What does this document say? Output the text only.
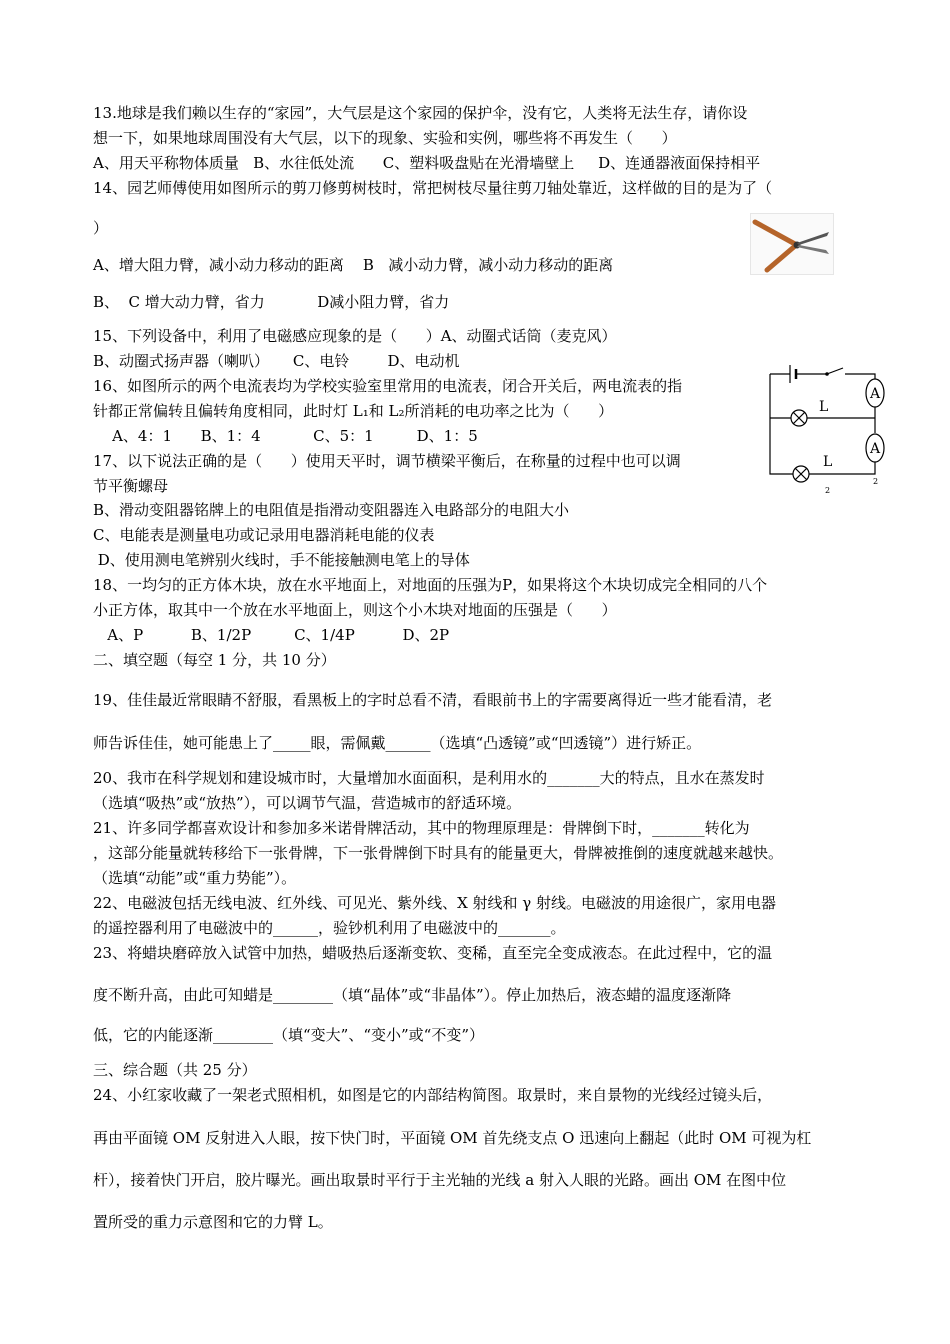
13.地球是我们赖以生存的“家园”，大气层是这个家园的保护伞，没有它，人类将无法生存，请你设
想一下，如果地球周围没有大气层，以下的现象、实验和实例，哪些将不再发生（      ）
A、用天平称物体质量   B、水往低处流      C、塑料吸盘贴在光滑墙壁上     D、连通器液面保持相平
14、园艺师傅使用如图所示的剪刀修剪树枝时，常把树枝尽量往剪刀轴处靠近，这样做的目的是为了（
）
A、增大阻力臂，减小动力移动的距离    B   减小动力臂，减小动力移动的距离
B、  C 增大动力臂，省力           D减小阻力臂，省力
15、下列设备中，利用了电磁感应现象的是（      ）A、动圈式话筒（麦克风）
B、动圈式扬声器（喇叭）     C、电铃        D、电动机
16、如图所示的两个电流表均为学校实验室里常用的电流表，闭合开关后，两电流表的指
针都正常偏转且偏转角度相同，此时灯 L₁和 L₂所消耗的电功率之比为（      ）
A、4：1      B、1：4           C、5：1         D、1：5
A
A
L
L
2
2
17、以下说法正确的是（      ）使用天平时，调节横梁平衡后，在称量的过程中也可以调
节平衡螺母
B、滑动变阻器铭牌上的电阻值是指滑动变阻器连入电路部分的电阻大小
C、电能表是测量电功或记录用电器消耗电能的仪表
D、使用测电笔辨别火线时，手不能接触测电笔上的导体
18、一均匀的正方体木块，放在水平地面上，对地面的压强为P，如果将这个木块切成完全相同的八个
小正方体，取其中一个放在水平地面上，则这个小木块对地面的压强是（      ）
A、P          B、1/2P         C、1/4P          D、2P
二、填空题（每空 1 分，共 10 分）
19、佳佳最近常眼睛不舒服，看黑板上的字时总看不清，看眼前书上的字需要离得近一些才能看清，老
师告诉佳佳，她可能患上了_____眼，需佩戴______（选填“凸透镜”或“凹透镜”）进行矫正。
20、我市在科学规划和建设城市时，大量增加水面面积，是利用水的_______大的特点，且水在蒸发时
（选填“吸热”或“放热”），可以调节气温，营造城市的舒适环境。
21、许多同学都喜欢设计和参加多米诺骨牌活动，其中的物理原理是：骨牌倒下时，_______转化为
，这部分能量就转移给下一张骨牌，下一张骨牌倒下时具有的能量更大，骨牌被推倒的速度就越来越快。
（选填“动能”或“重力势能”）。
22、电磁波包括无线电波、红外线、可见光、紫外线、X 射线和 γ 射线。电磁波的用途很广，家用电器
的遥控器利用了电磁波中的______，验钞机利用了电磁波中的_______。
23、将蜡块磨碎放入试管中加热，蜡吸热后逐渐变软、变稀，直至完全变成液态。在此过程中，它的温
度不断升高，由此可知蜡是________（填“晶体”或“非晶体”）。停止加热后，液态蜡的温度逐渐降
低，它的内能逐渐________（填“变大”、“变小”或“不变”）
三、综合题（共 25 分）
24、小红家收藏了一架老式照相机，如图是它的内部结构简图。取景时，来自景物的光线经过镜头后，
再由平面镜 OM 反射进入人眼，按下快门时，平面镜 OM 首先绕支点 O 迅速向上翻起（此时 OM 可视为杠
杆），接着快门开启，胶片曝光。画出取景时平行于主光轴的光线 a 射入人眼的光路。画出 OM 在图中位
置所受的重力示意图和它的力臂 L。
